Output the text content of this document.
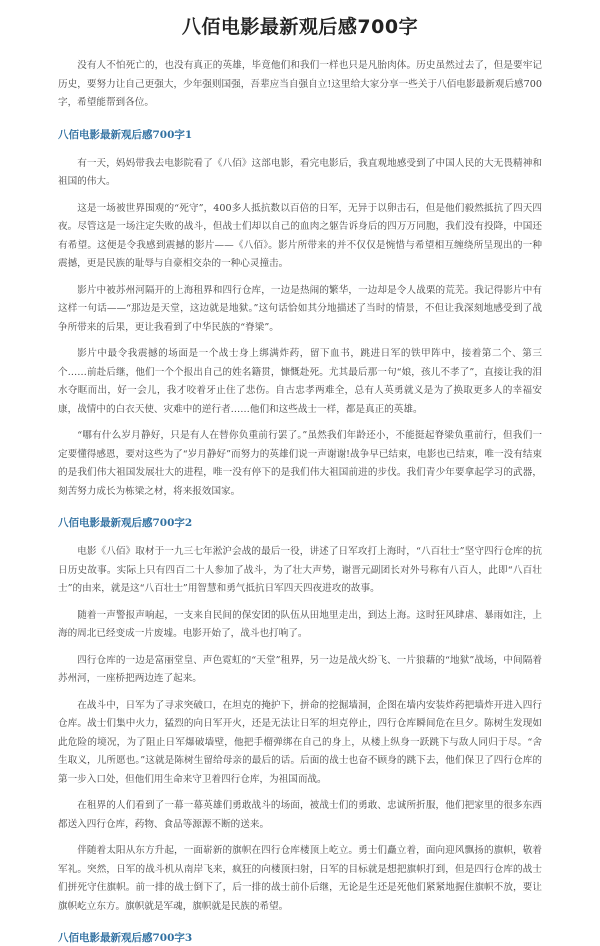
八佰电影最新观后感700字

没有人不怕死亡的，也没有真正的英雄，毕竟他们和我们一样也只是凡胎肉体。历史虽然过去了，但是要牢记历史，要努力让自己更强大，少年强则国强，吾辈应当自强自立!这里给大家分享一些关于八佰电影最新观后感700字，希望能帮到各位。

八佰电影最新观后感700字1

有一天，妈妈带我去电影院看了《八佰》这部电影，看完电影后，我直观地感受到了中国人民的大无畏精神和祖国的伟大。

这是一场被世界围观的“死守”，400多人抵抗数以百倍的日军，无异于以卵击石，但是他们毅然抵抗了四天四夜。尽管这是一场注定失败的战斗，但战士们却以自己的血肉之躯告诉身后的四万万同胞，我们没有投降，中国还有希望。这便是令我感到震撼的影片——《八佰》。影片所带来的并不仅仅是惋惜与希望相互缠绕所呈现出的一种震撼，更是民族的耻辱与自豪相交杂的一种心灵撞击。

影片中被苏州河隔开的上海租界和四行仓库，一边是热闹的繁华，一边却是令人战栗的荒芜。我记得影片中有这样一句话——“那边是天堂，这边就是地狱。”这句话恰如其分地描述了当时的情景，不但让我深刻地感受到了战争所带来的后果，更让我看到了中华民族的“脊梁”。

影片中最令我震撼的场面是一个战士身上绑满炸药，留下血书，跳进日军的铁甲阵中，接着第二个、第三个……前赴后继，他们一个个报出自己的姓名籍贯，慷慨赴死。尤其最后那一句“娘，孩儿不孝了”，直接让我的泪水夺眶而出，好一会儿，我才咬着牙止住了悲伤。自古忠孝两难全，总有人英勇就义是为了换取更多人的幸福安康，战情中的白衣天使、灾难中的逆行者……他们和这些战士一样，都是真正的英雄。

“哪有什么岁月静好，只是有人在替你负重前行罢了。”虽然我们年龄还小，不能挺起脊梁负重前行，但我们一定要懂得感恩，要对这些为了“岁月静好”而努力的英雄们说一声谢谢!战争早已结束，电影也已结束，唯一没有结束的是我们伟大祖国发展壮大的进程，唯一没有停下的是我们伟大祖国前进的步伐。我们青少年要拿起学习的武器，刻苦努力成长为栋梁之材，将来报效国家。

八佰电影最新观后感700字2

电影《八佰》取材于一九三七年淞沪会战的最后一役，讲述了日军攻打上海时，“八百壮士”坚守四行仓库的抗日历史故事。实际上只有四百二十人参加了战斗，为了壮大声势，谢晋元副团长对外号称有八百人，此即“八百壮士”的由来，就是这“八百壮士”用智慧和勇气抵抗日军四天四夜进攻的故事。

随着一声警报声响起，一支来自民间的保安团的队伍从田地里走出，到达上海。这时狂风肆虐、暴雨如注，上海的周北已经变成一片废墟。电影开始了，战斗也打响了。

四行仓库的一边是富丽堂皇、声色霓虹的“天堂”租界，另一边是战火纷飞、一片狼藉的“地狱”战场，中间隔着苏州河，一座桥把两边连了起来。

在战斗中，日军为了寻求突破口，在坦克的掩护下，拼命的挖掘墙洞，企图在墙内安装炸药把墙炸开进入四行仓库。战士们集中火力，猛烈的向日军开火，还是无法让日军的坦克停止，四行仓库瞬间危在旦夕。陈树生发现如此危险的境况，为了阻止日军爆破墙壁，他把手榴弹绑在自己的身上，从楼上纵身一跃跳下与敌人同归于尽。“舍生取义，儿所愿也。”这就是陈树生留给母亲的最后的话。后面的战士也奋不顾身的跳下去，他们保卫了四行仓库的第一步入口处，但他们用生命来守卫着四行仓库，为祖国而战。

在租界的人们看到了一幕一幕英雄们勇敢战斗的场面，被战士们的勇敢、忠诚所折服，他们把家里的很多东西都送入四行仓库，药物、食品等源源不断的送来。

伴随着太阳从东方升起，一面崭新的旗帜在四行仓库楼顶上屹立。勇士们矗立着，面向迎风飘扬的旗帜，敬着军礼。突然，日军的战斗机从南岸飞来，疯狂的向楼顶扫射，日军的目标就是想把旗帜打到，但是四行仓库的战士们拼死守住旗帜。前一排的战士倒下了，后一排的战士前仆后继，无论是生还是死他们紧紧地握住旗帜不放，要让旗帜屹立东方。旗帜就是军魂，旗帜就是民族的希望。

八佰电影最新观后感700字3
